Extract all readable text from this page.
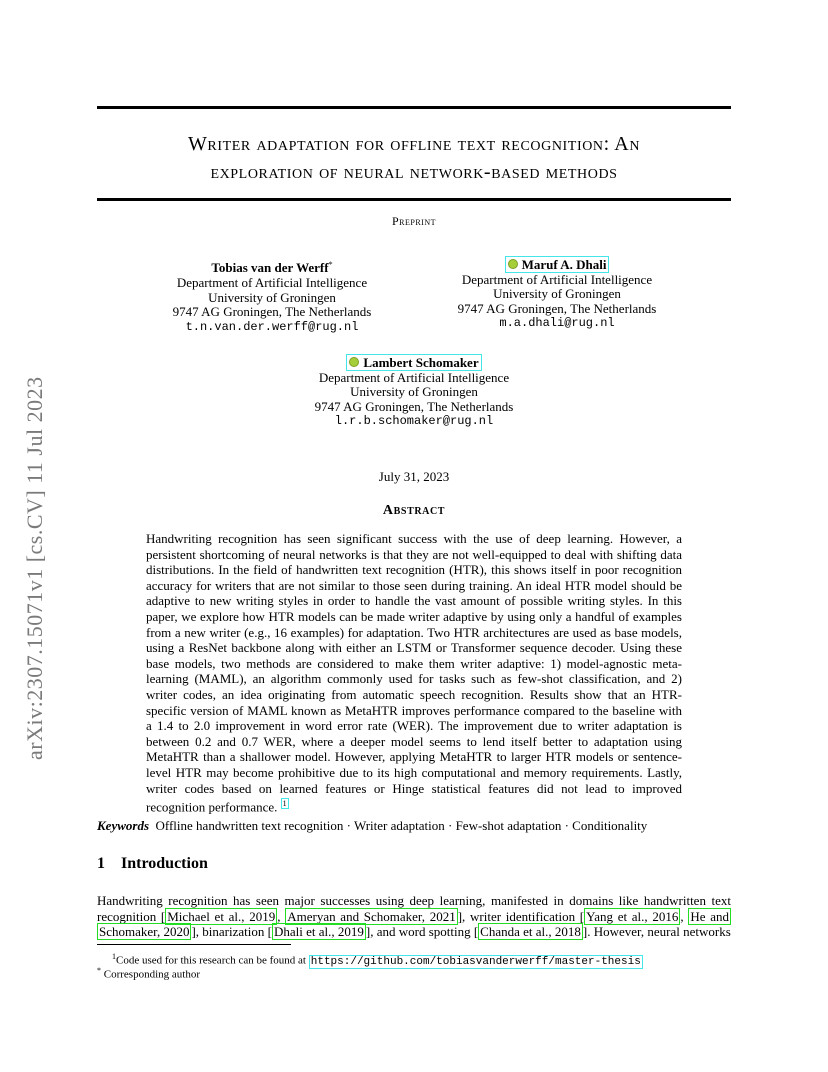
arXiv:2307.15071v1 [cs.CV] 11 Jul 2023
Writer adaptation for offline text recognition: An
exploration of neural network-based methods
Preprint
Tobias van der Werff*
Department of Artificial Intelligence
University of Groningen
9747 AG Groningen, The Netherlands
t.n.van.der.werff@rug.nl
Maruf A. Dhali
Department of Artificial Intelligence
University of Groningen
9747 AG Groningen, The Netherlands
m.a.dhali@rug.nl
Lambert Schomaker
Department of Artificial Intelligence
University of Groningen
9747 AG Groningen, The Netherlands
l.r.b.schomaker@rug.nl
July 31, 2023
Abstract
Handwriting recognition has seen significant success with the use of deep learning. However, a persistent shortcoming of neural networks is that they are not well-equipped to deal with shifting data distributions. In the field of handwritten text recognition (HTR), this shows itself in poor recognition accuracy for writers that are not similar to those seen during training. An ideal HTR model should be adaptive to new writing styles in order to handle the vast amount of possible writing styles. In this paper, we explore how HTR models can be made writer adaptive by using only a handful of examples from a new writer (e.g., 16 examples) for adaptation. Two HTR architectures are used as base models, using a ResNet backbone along with either an LSTM or Transformer sequence decoder. Using these base models, two methods are considered to make them writer adaptive: 1) model-agnostic meta-learning (MAML), an algorithm commonly used for tasks such as few-shot classification, and 2) writer codes, an idea originating from automatic speech recognition. Results show that an HTR-specific version of MAML known as MetaHTR improves performance compared to the baseline with a 1.4 to 2.0 improvement in word error rate (WER). The improvement due to writer adaptation is between 0.2 and 0.7 WER, where a deeper model seems to lend itself better to adaptation using MetaHTR than a shallower model. However, applying MetaHTR to larger HTR models or sentence-level HTR may become prohibitive due to its high computational and memory requirements. Lastly, writer codes based on learned features or Hinge statistical features did not lead to improved recognition performance. $^1$
Keywords Offline handwritten text recognition · Writer adaptation · Few-shot adaptation · Conditionality
1 Introduction
Handwriting recognition has seen major successes using deep learning, manifested in domains like handwritten text recognition [ Michael et al., 2019 , Ameryan and Schomaker, 2021 ], writer identification [ Yang et al., 2016 , He and Schomaker, 2020 ], binarization [ Dhali et al., 2019 ], and word spotting [ Chanda et al., 2018 ]. However, neural networks
$^1$Code used for this research can be found at https://github.com/tobiasvanderwerff/master-thesis
* Corresponding author
